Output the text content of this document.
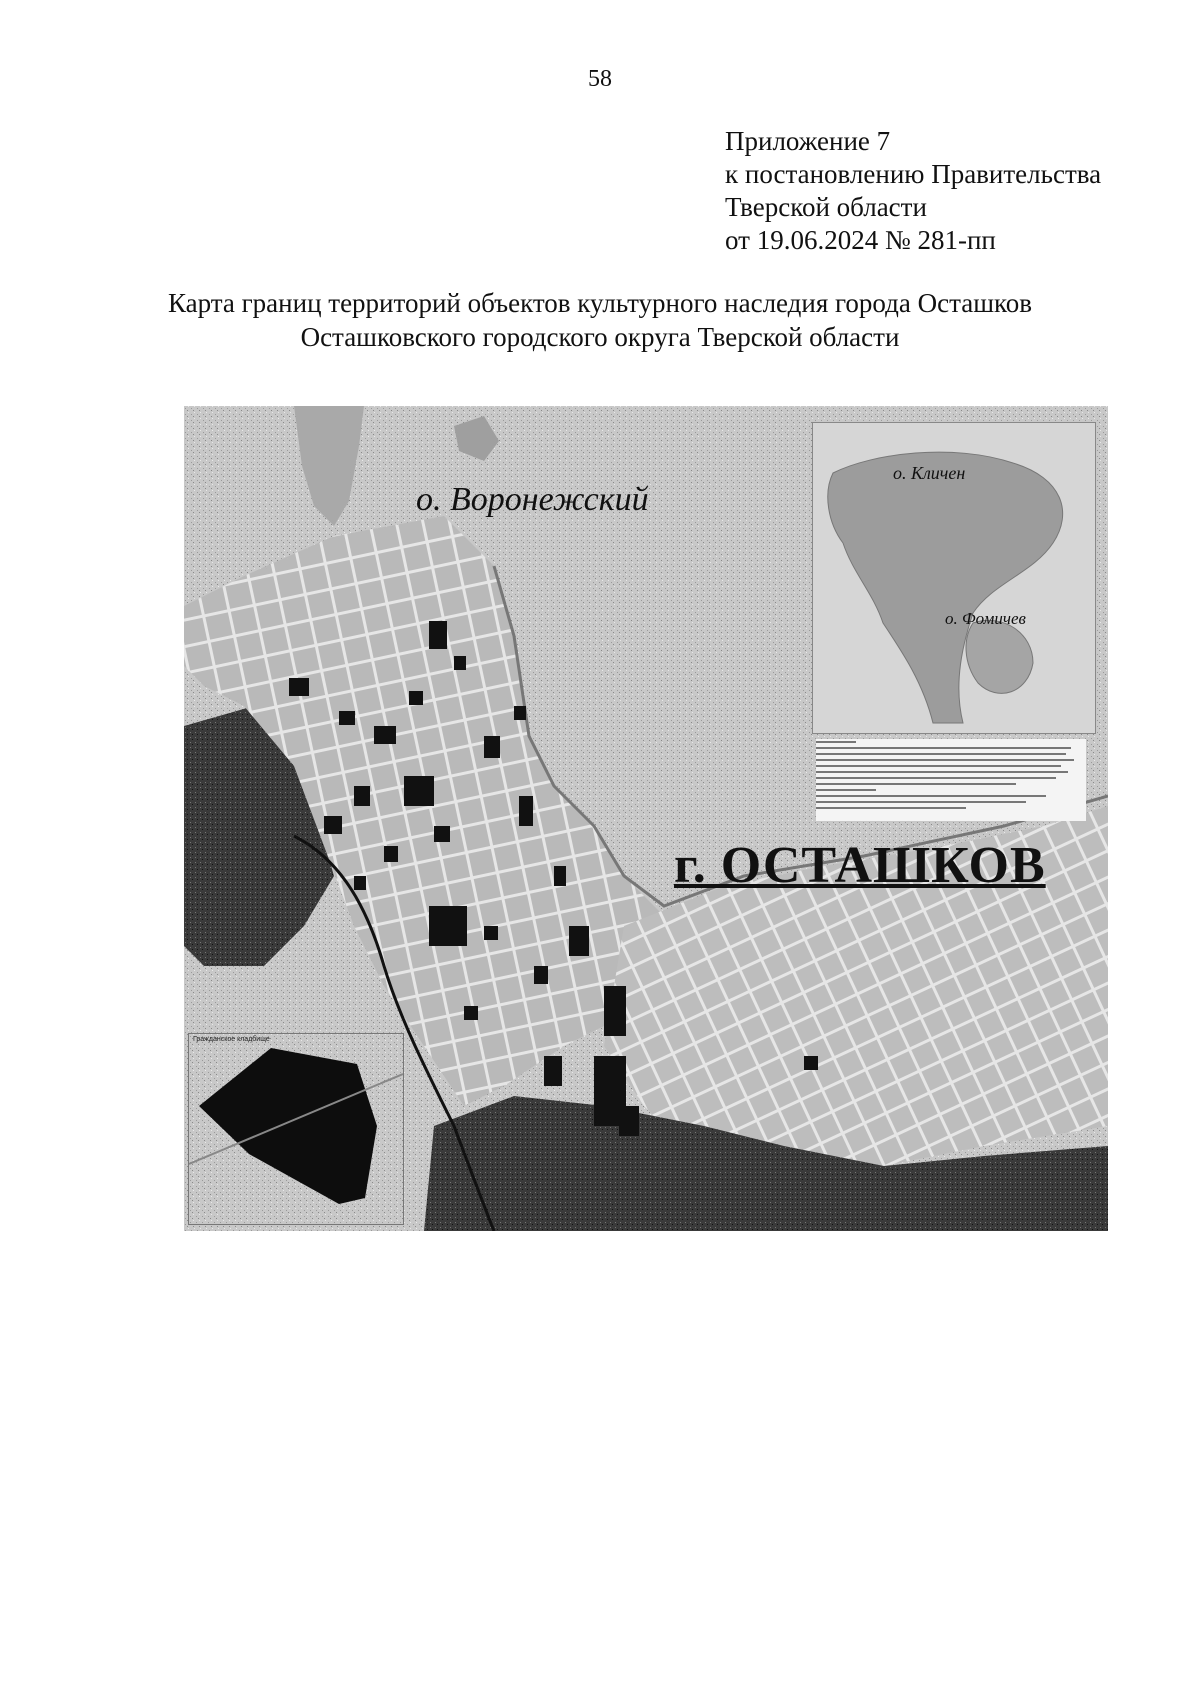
58
Приложение 7
к постановлению Правительства
Тверской области
от 19.06.2024 № 281-пп
Карта границ территорий объектов культурного наследия города Осташков
Осташковского городского округа Тверской области
о. Воронежский
г. ОСТАШКОВ
о. Кличен
о. Фомичев
Гражданское кладбище
